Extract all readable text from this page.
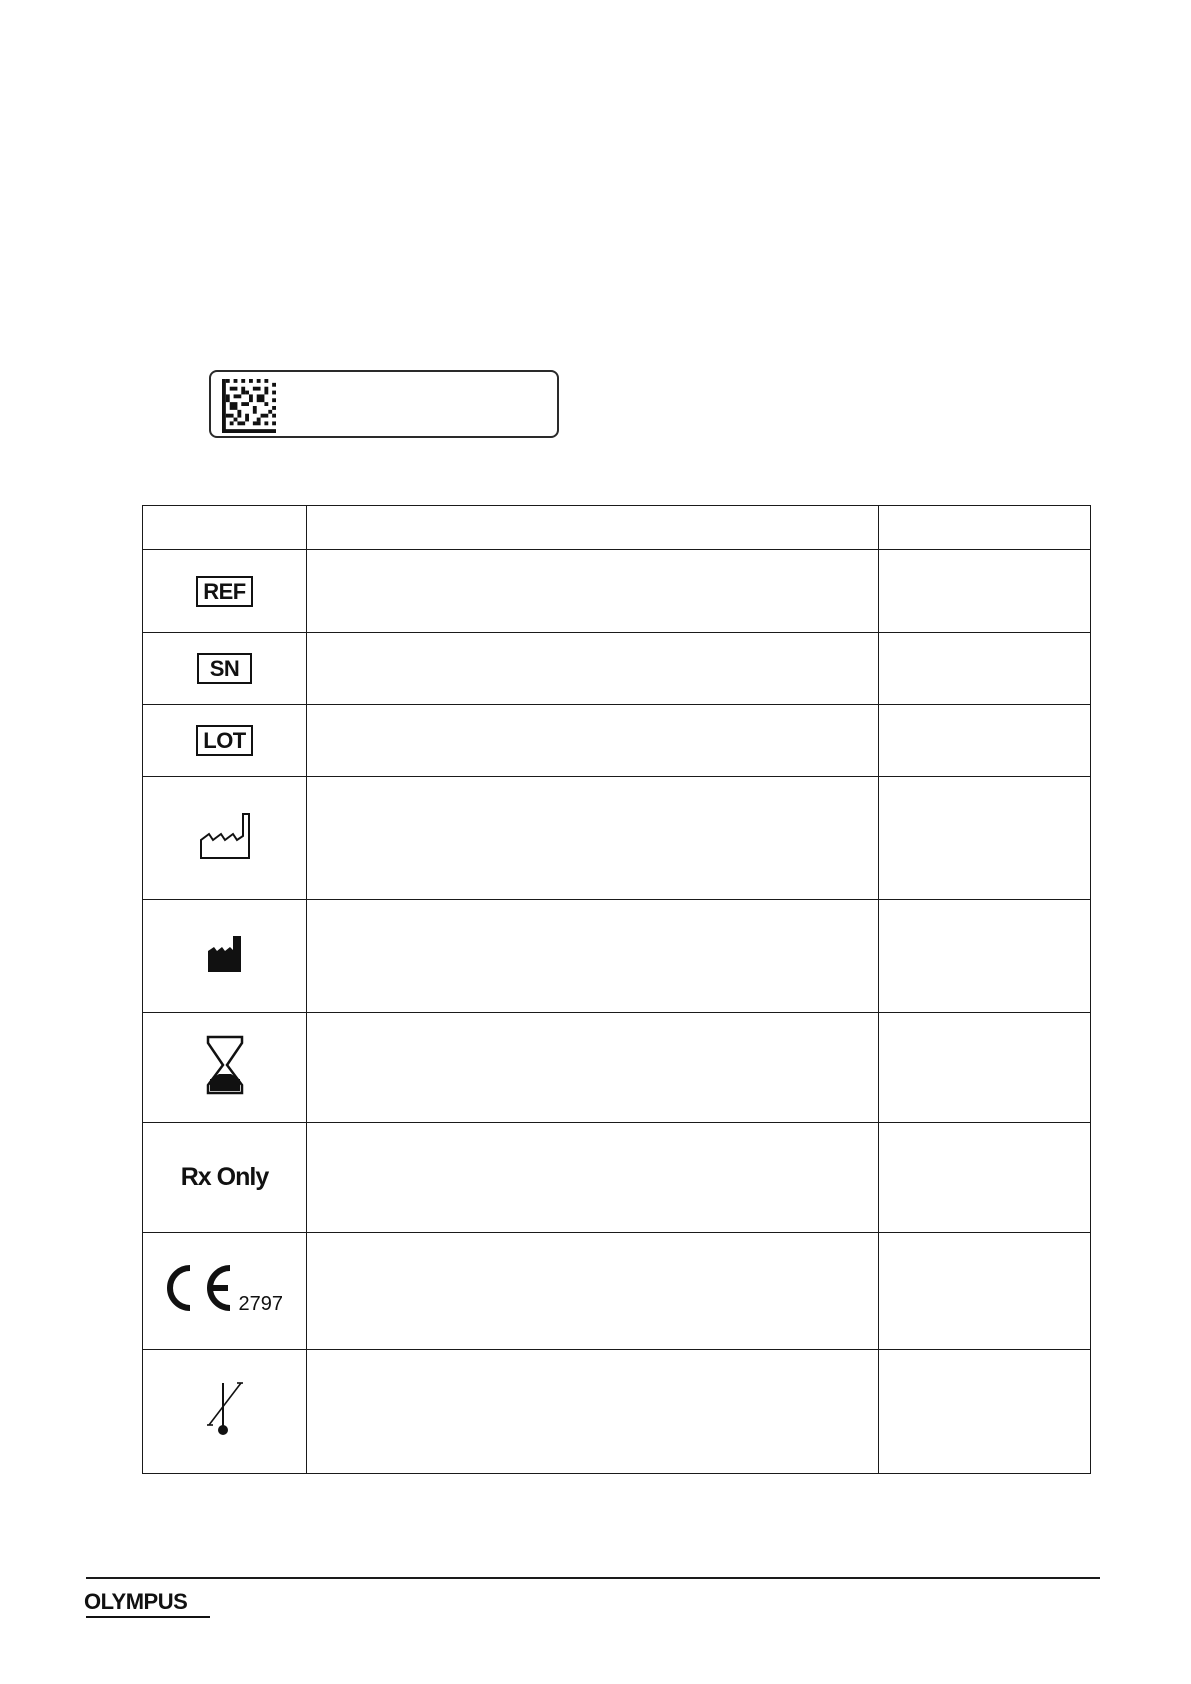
REF		
SN		
LOT		

Rx Only		

2797		

OLYMPUS
